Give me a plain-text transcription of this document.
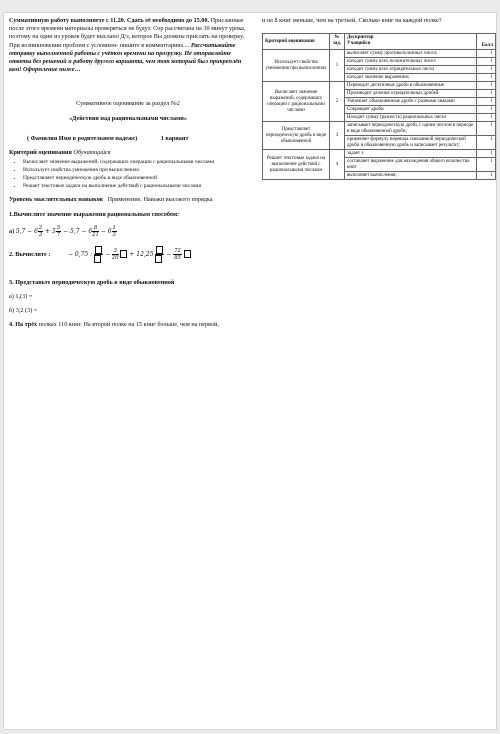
и на 8 книг меньше, чем на третьей. Сколько книг на каждой полке?

Критерий оценивания	№ зад.	Дескриптор
Учащийся	Балл
Использует свойства умножения при вычислениях	1	вычисляет сумму противоположных чисел;	1
		находит сумму всех положительных чисел	1
		находит сумму всех отрицательных чисел	1
		находит значение выражения;	1
Вычисляет значение выражений, содержащих операции с рациональными числами	2	Переводит десятичные дроби в обыкновенные	1
		Производит деление отрицательных дробей	1
		Умножает обыкновенные дроби с разными знаками	1
		Сокращает дроби	1
		Находит сумму (разность) рациональных чисел	1
Представляет периодическую дробь в виде обыкновенной	3	записывает периодическую дробь с одним числом в периоде в виде обыкновенной дроби;	1
		применяет формулу перевода смешанной периодической дроби в обыкновенную дробь и записывает результат;	1
Решает текстовые задачи на выполнение действий с рациональными числами	4	задает х	1
		составляет выражение для нахождения общего количества книг	1
		выполняет вычисления;	1

Суммативную работу выполняете с 11.20. Сдать её необходимо до 15.00. Присланные после этого времени материалы проверяться не будут. Сор рассчитана на 30 минут урока, поэтому на один из уроков будет выслано Д/з, которое Вы должны прислать на проверку. При возникновении проблем с условием- пишите в комментариях.... Рассчитывайте отправку выполненной работы с учётом времени на прогрузку. Не отправляйте ответы без решений и работу другого варианта, чем тот который был прикреплён вам! Оформление ниже…

Суммативное оценивание за раздел №2

«Действия над рациональными числами»

( Фамилия Имя в родительном падеже)	1 вариант

Критерий оценивания Обучающийся

• Вычисляет значение выражений, содержащих операции с рациональными числами
• Использует свойства умножения при вычислениях
• Представляет периодическую дробь в виде обыкновенной
• Решает текстовые задачи на выполнение действий с рациональными числами

Уровень мыслительных навыков Применение. Навыки высокого порядка

1.Вычислите значение выражения рациональным способом:

а) $5,7 - 6 \frac{2}{3} + 5 \frac{5}{7} - 5,7 - 6 \frac{8}{21} - 6 \frac{1}{3}$

2. Вычислите :	− 0,75 :
− $\frac{3}{20} + 12,25$
− $\frac{72}{85}$

3. Представьте периодическую дробь в виде обыкновенной

а) 1,(3) =

б) 3,2 (3) =

4. На трёх полках 110 книг. На второй полке на 15 книг больше, чем на первой,
